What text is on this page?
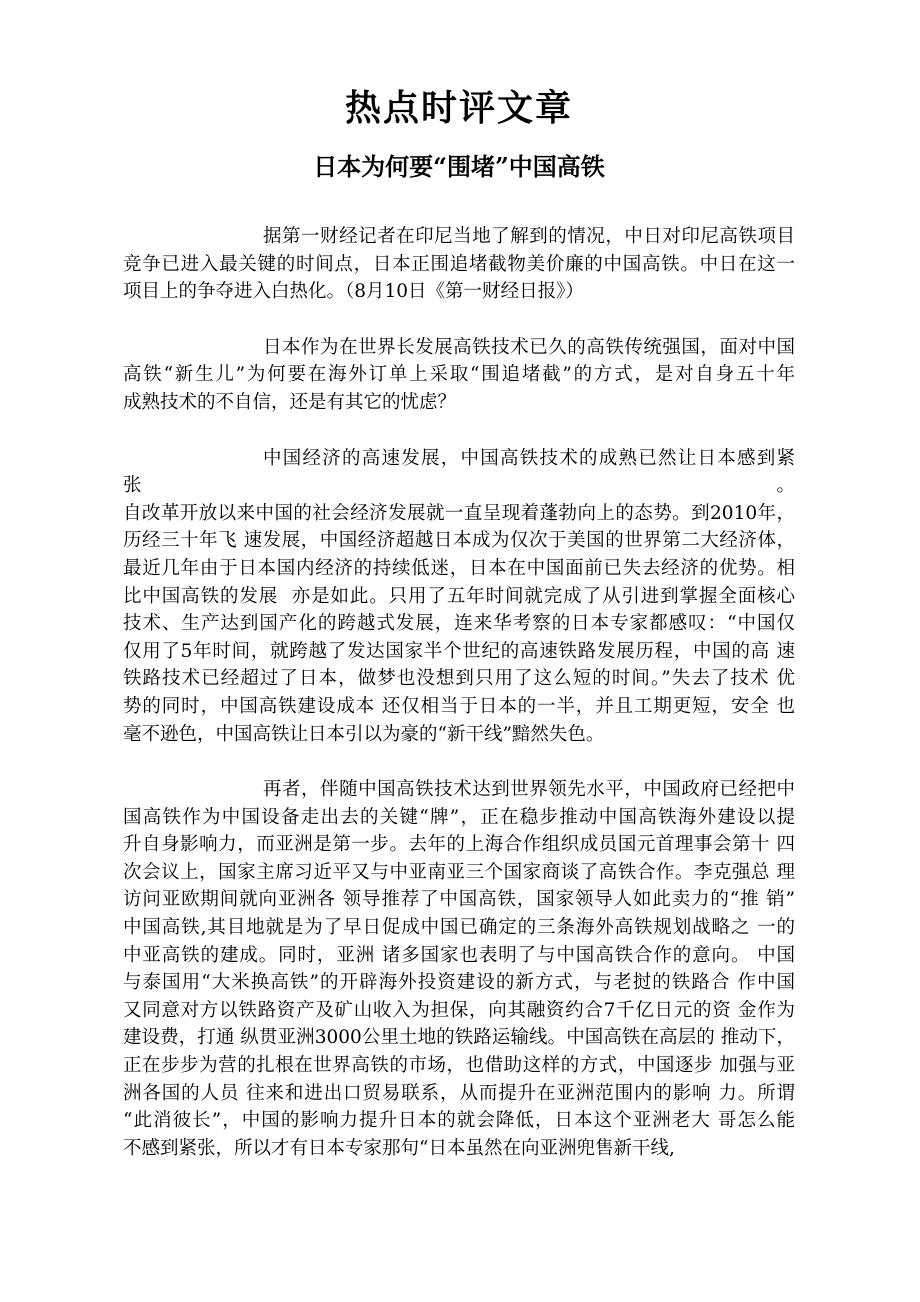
热点时评文章
日本为何要“围堵”中国高铁
据第一财经记者在印尼当地了解到的情况，中日对印尼高铁项目
竞争已进入最关键的时间点，日本正围追堵截物美价廉的中国高铁。中日在这一
项目上的争夺进入白热化。（8月10日《第一财经日报》）
日本作为在世界长发展高铁技术已久的高铁传统强国，面对中国
高铁“新生儿”为何要在海外订单上采取“围追堵截”的方式，是对自身五十年
成熟技术的不自信，还是有其它的忧虑？
中国经济的高速发展，中国高铁技术的成熟已然让日本感到紧张。
自改革开放以来中国的社会经济发展就一直呈现着蓬勃向上的态势。到2010年，
历经三十年飞 速发展，中国经济超越日本成为仅次于美国的世界第二大经济体，
最近几年由于日本国内经济的持续低迷，日本在中国面前已失去经济的优势。相
比中国高铁的发展  亦是如此。只用了五年时间就完成了从引进到掌握全面核心
技术、生产达到国产化的跨越式发展，连来华考察的日本专家都感叹：“中国仅
仅用了5年时间，就跨越了发达国家半个世纪的高速铁路发展历程，中国的高 速
铁路技术已经超过了日本，做梦也没想到只用了这么短的时间。”失去了技术 优
势的同时，中国高铁建设成本 还仅相当于日本的一半，并且工期更短，安全 也
毫不逊色，中国高铁让日本引以为豪的“新干线”黯然失色。
再者，伴随中国高铁技术达到世界领先水平，中国政府已经把中
国高铁作为中国设备走出去的关键“牌”，正在稳步推动中国高铁海外建设以提
升自身影响力，而亚洲是第一步。去年的上海合作组织成员国元首理事会第十 四
次会议上，国家主席习近平又与中亚南亚三个国家商谈了高铁合作。李克强总 理
访问亚欧期间就向亚洲各 领导推荐了中国高铁，国家领导人如此卖力的“推 销”
中国高铁,其目地就是为了早日促成中国已确定的三条海外高铁规划战略之 一的
中亚高铁的建成。同时，亚洲 诸多国家也表明了与中国高铁合作的意向。 中国
与泰国用“大米换高铁”的开辟海外投资建设的新方式，与老挝的铁路合 作中国
又同意对方以铁路资产及矿山收入为担保，向其融资约合7千亿日元的资 金作为
建设费，打通 纵贯亚洲3000公里土地的铁路运输线。中国高铁在高层的 推动下，
正在步步为营的扎根在世界高铁的市场，也借助这样的方式，中国逐步 加强与亚
洲各国的人员 往来和进出口贸易联系，从而提升在亚洲范围内的影响 力。所谓
“此消彼长”，中国的影响力提升日本的就会降低，日本这个亚洲老大 哥怎么能
不感到紧张，所以才有日本专家那句“日本虽然在向亚洲兜售新干线,
